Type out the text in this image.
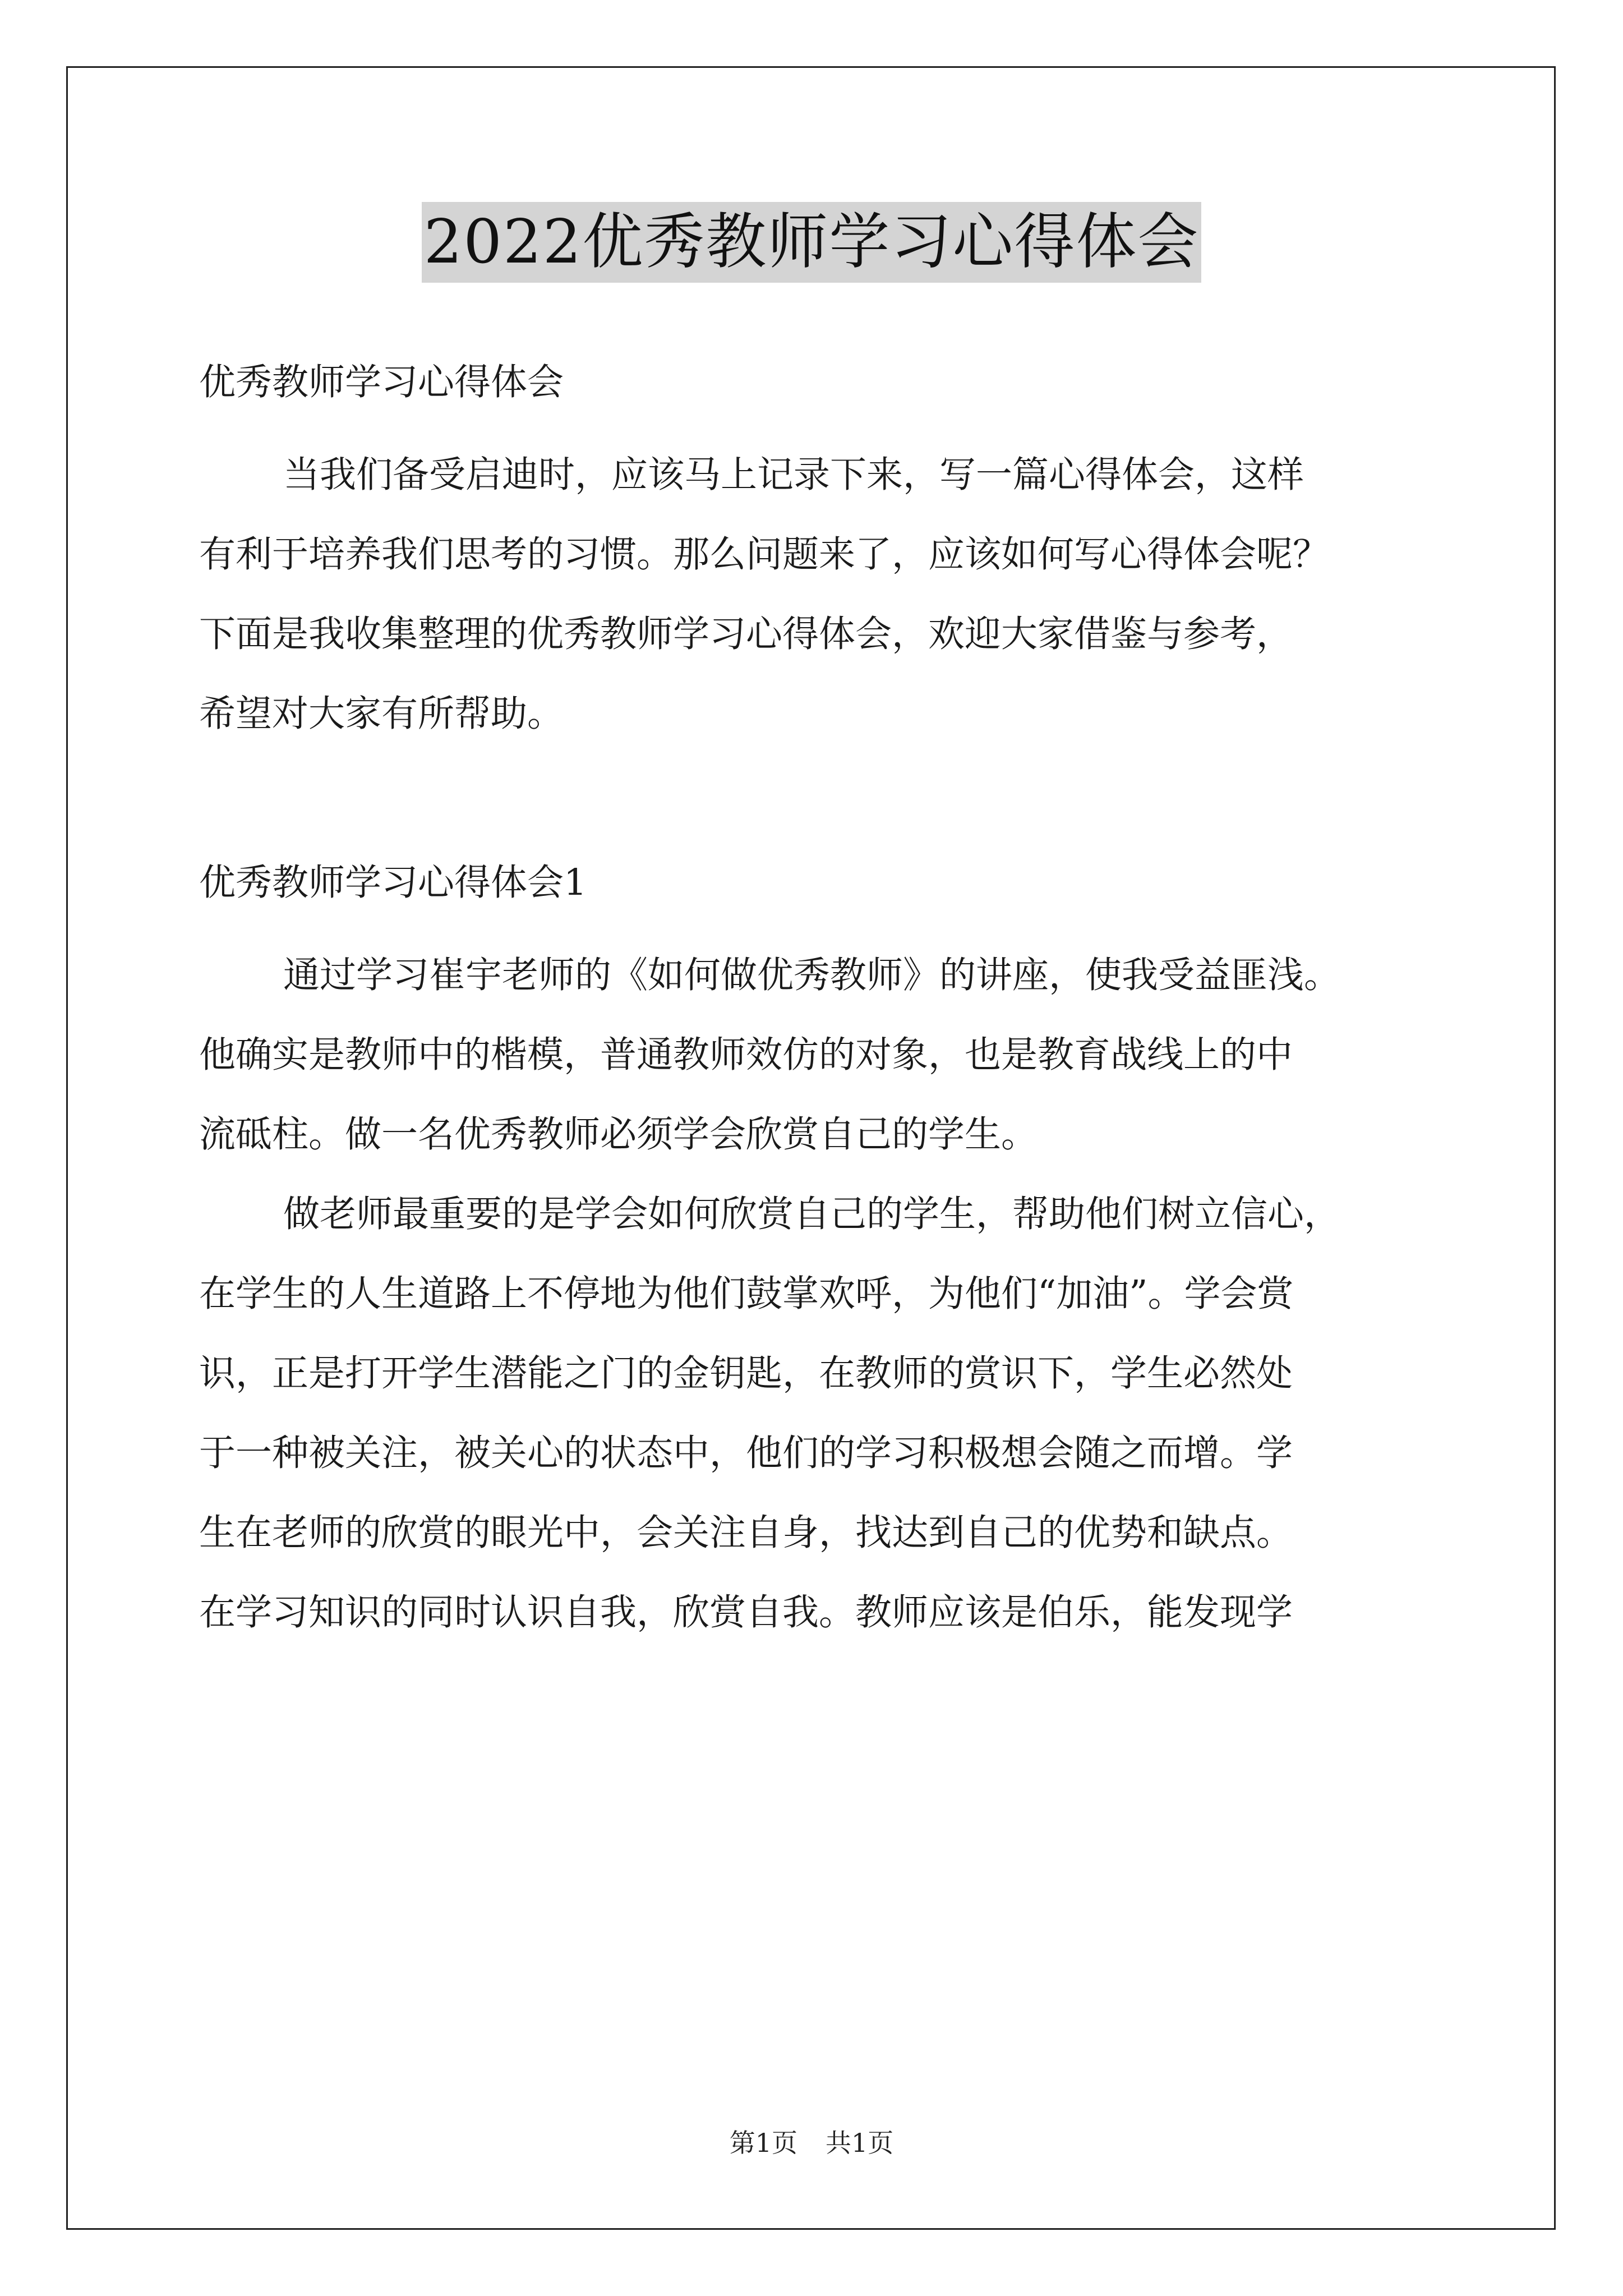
2022优秀教师学习心得体会

优秀教师学习心得体会

当我们备受启迪时，应该马上记录下来，写一篇心得体会，这样
有利于培养我们思考的习惯。那么问题来了，应该如何写心得体会呢？
下面是我收集整理的优秀教师学习心得体会，欢迎大家借鉴与参考，
希望对大家有所帮助。

优秀教师学习心得体会1

通过学习崔宇老师的《如何做优秀教师》的讲座，使我受益匪浅。
他确实是教师中的楷模，普通教师效仿的对象，也是教育战线上的中
流砥柱。做一名优秀教师必须学会欣赏自己的学生。

做老师最重要的是学会如何欣赏自己的学生，帮助他们树立信心，
在学生的人生道路上不停地为他们鼓掌欢呼，为他们“加油”。学会赏
识，正是打开学生潜能之门的金钥匙，在教师的赏识下，学生必然处
于一种被关注，被关心的状态中，他们的学习积极想会随之而增。学
生在老师的欣赏的眼光中，会关注自身，找达到自己的优势和缺点。
在学习知识的同时认识自我，欣赏自我。教师应该是伯乐，能发现学

第1页 共1页
